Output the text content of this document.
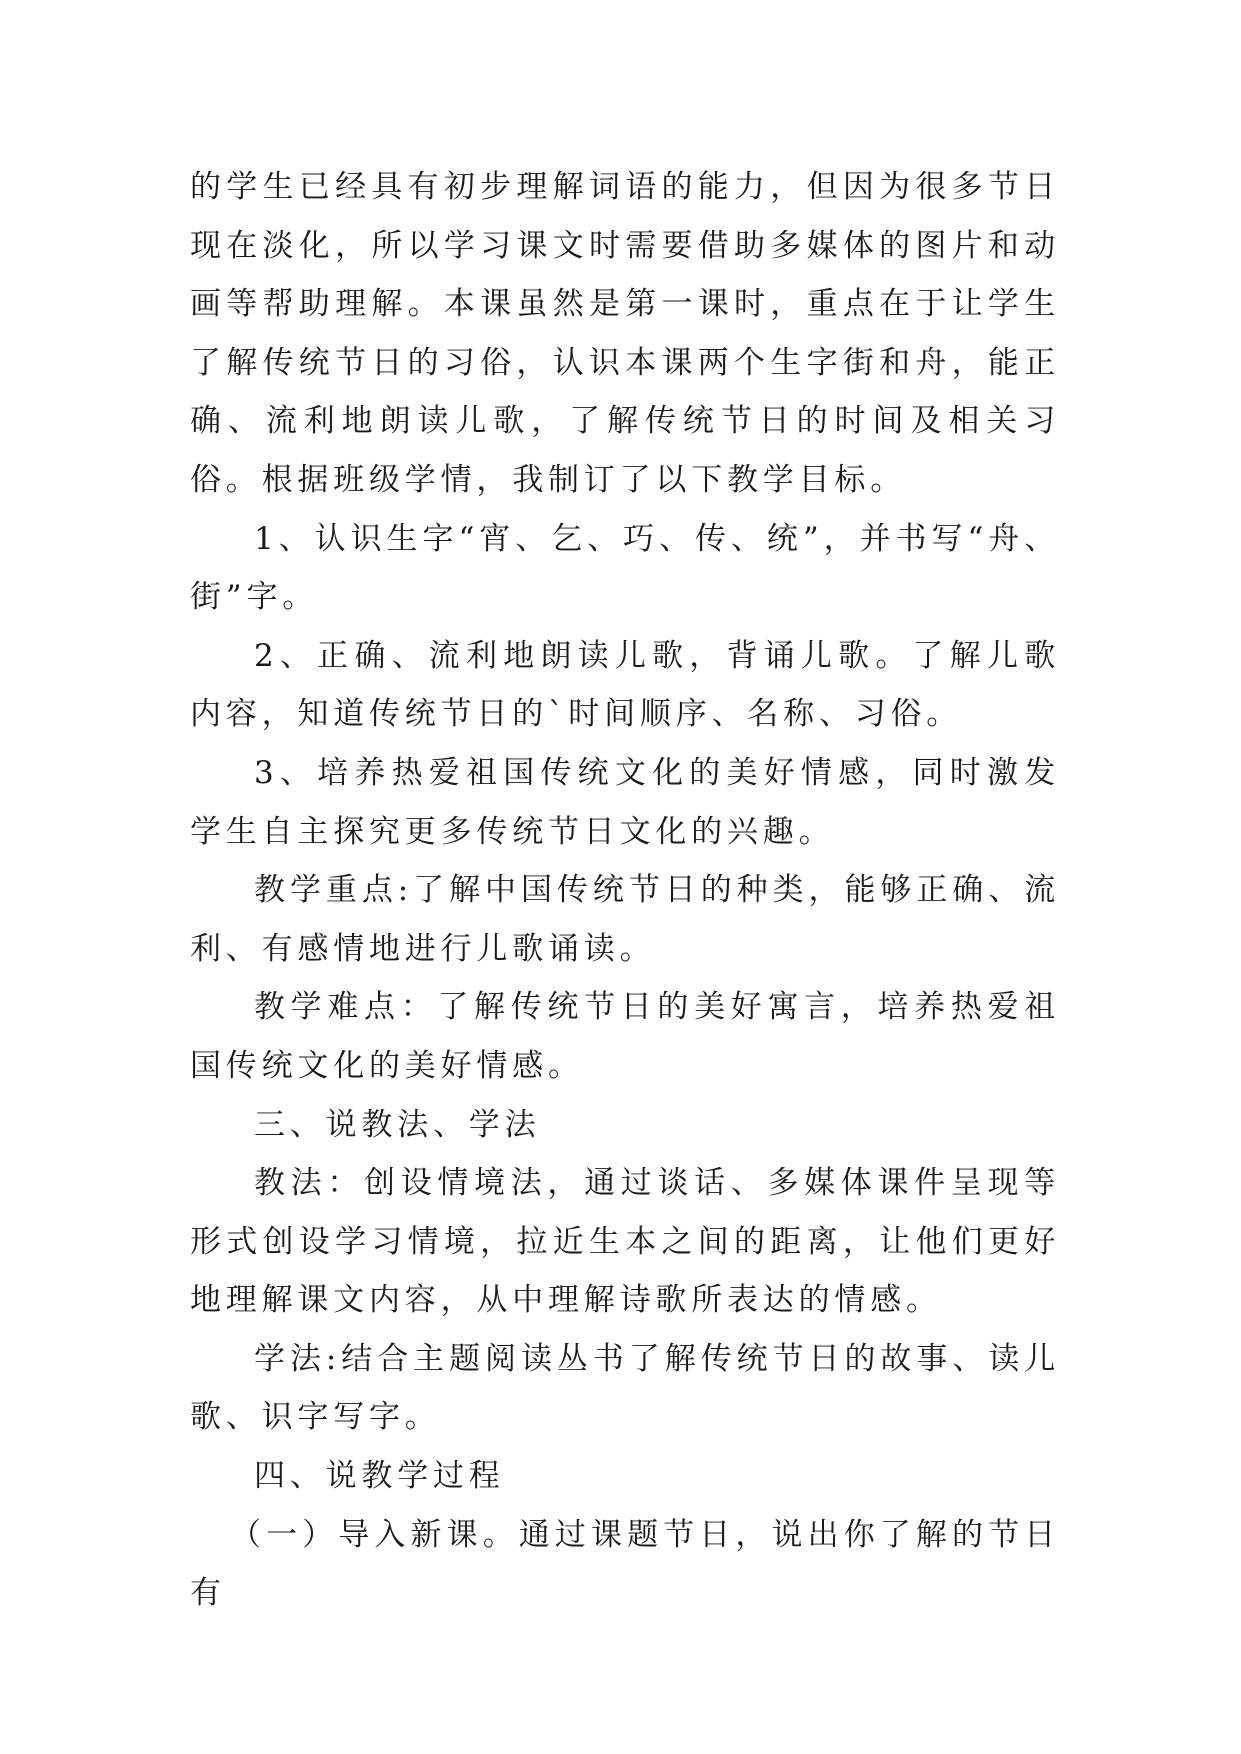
的学生已经具有初步理解词语的能力，但因为很多节日现在淡化，所以学习课文时需要借助多媒体的图片和动画等帮助理解。本课虽然是第一课时，重点在于让学生了解传统节日的习俗，认识本课两个生字街和舟，能正确、流利地朗读儿歌，了解传统节日的时间及相关习俗。根据班级学情，我制订了以下教学目标。

1、认识生字“宵、乞、巧、传、统”，并书写“舟、街”字。

2、正确、流利地朗读儿歌，背诵儿歌。了解儿歌内容，知道传统节日的`时间顺序、名称、习俗。

3、培养热爱祖国传统文化的美好情感，同时激发学生自主探究更多传统节日文化的兴趣。

教学重点:了解中国传统节日的种类，能够正确、流利、有感情地进行儿歌诵读。

教学难点：了解传统节日的美好寓言，培养热爱祖国传统文化的美好情感。

三、说教法、学法

教法：创设情境法，通过谈话、多媒体课件呈现等形式创设学习情境，拉近生本之间的距离，让他们更好地理解课文内容，从中理解诗歌所表达的情感。

学法:结合主题阅读丛书了解传统节日的故事、读儿歌、识字写字。

四、说教学过程

（一）导入新课。通过课题节日，说出你了解的节日有
